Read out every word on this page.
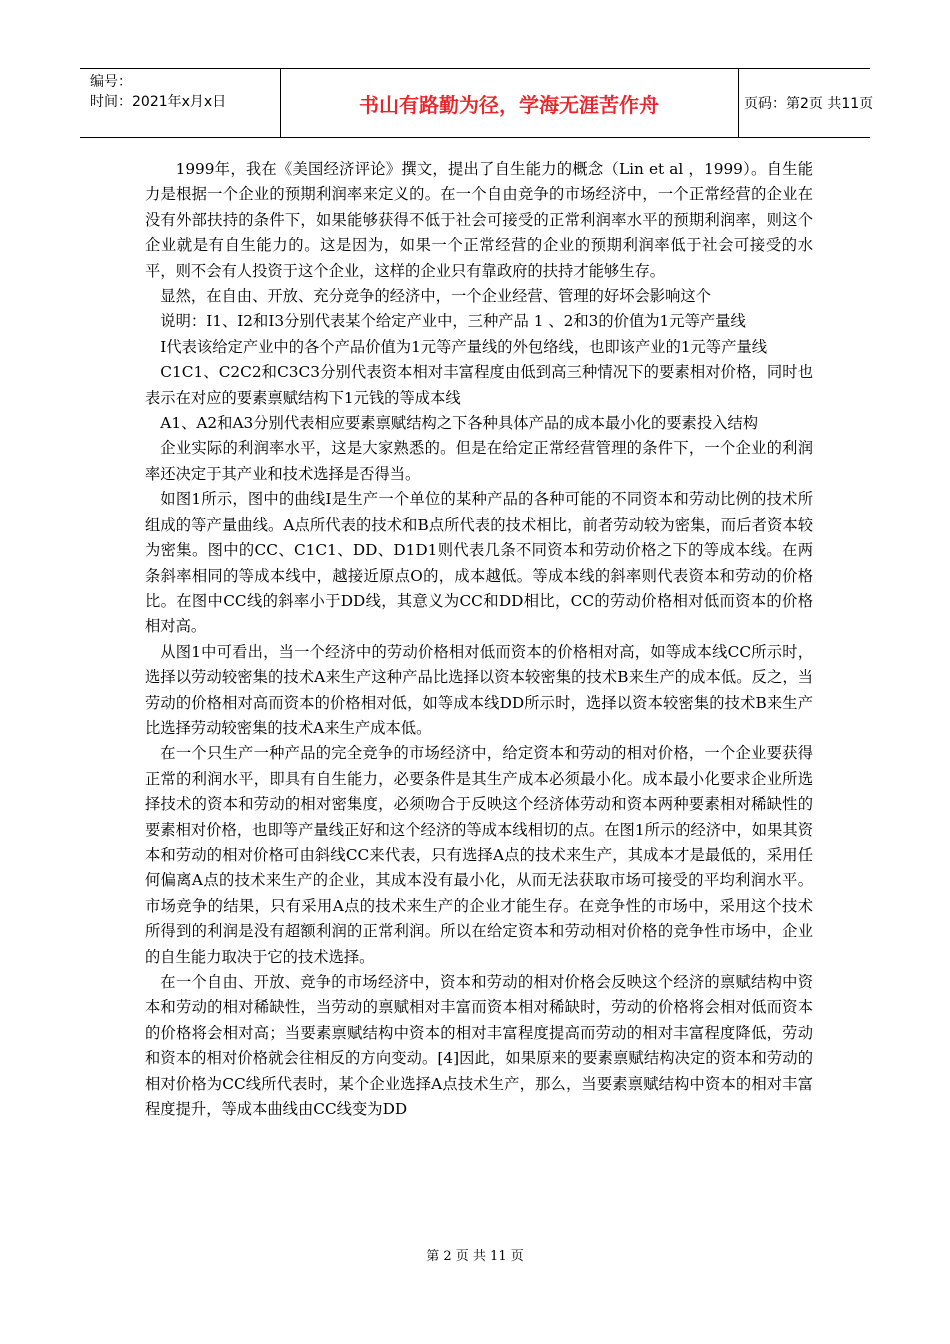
编号：
时间：2021年x月x日	书山有路勤为径，学海无涯苦作舟	页码：第2页 共11页

1999年，我在《美国经济评论》撰文，提出了自生能力的概念（Lin et al ，1999）。自生能力是根据一个企业的预期利润率来定义的。在一个自由竞争的市场经济中，一个正常经营的企业在没有外部扶持的条件下，如果能够获得不低于社会可接受的正常利润率水平的预期利润率，则这个企业就是有自生能力的。这是因为，如果一个正常经营的企业的预期利润率低于社会可接受的水平，则不会有人投资于这个企业，这样的企业只有靠政府的扶持才能够生存。

显然，在自由、开放、充分竞争的经济中，一个企业经营、管理的好坏会影响这个

说明：I1、I2和I3分别代表某个给定产业中，三种产品 1 、2和3的价值为1元等产量线

I代表该给定产业中的各个产品价值为1元等产量线的外包络线，也即该产业的1元等产量线

C1C1、C2C2和C3C3分别代表资本相对丰富程度由低到高三种情况下的要素相对价格，同时也表示在对应的要素禀赋结构下1元钱的等成本线

A1、A2和A3分别代表相应要素禀赋结构之下各种具体产品的成本最小化的要素投入结构

企业实际的利润率水平，这是大家熟悉的。但是在给定正常经营管理的条件下，一个企业的利润率还决定于其产业和技术选择是否得当。

如图1所示，图中的曲线I是生产一个单位的某种产品的各种可能的不同资本和劳动比例的技术所组成的等产量曲线。A点所代表的技术和B点所代表的技术相比，前者劳动较为密集，而后者资本较为密集。图中的CC、C1C1、DD、D1D1则代表几条不同资本和劳动价格之下的等成本线。在两条斜率相同的等成本线中，越接近原点O的，成本越低。等成本线的斜率则代表资本和劳动的价格比。在图中CC线的斜率小于DD线，其意义为CC和DD相比，CC的劳动价格相对低而资本的价格相对高。

从图1中可看出，当一个经济中的劳动价格相对低而资本的价格相对高，如等成本线CC所示时，选择以劳动较密集的技术A来生产这种产品比选择以资本较密集的技术B来生产的成本低。反之，当劳动的价格相对高而资本的价格相对低，如等成本线DD所示时，选择以资本较密集的技术B来生产比选择劳动较密集的技术A来生产成本低。

在一个只生产一种产品的完全竞争的市场经济中，给定资本和劳动的相对价格，一个企业要获得正常的利润水平，即具有自生能力，必要条件是其生产成本必须最小化。成本最小化要求企业所选择技术的资本和劳动的相对密集度，必须吻合于反映这个经济体劳动和资本两种要素相对稀缺性的要素相对价格，也即等产量线正好和这个经济的等成本线相切的点。在图1所示的经济中，如果其资本和劳动的相对价格可由斜线CC来代表，只有选择A点的技术来生产，其成本才是最低的，采用任何偏离A点的技术来生产的企业，其成本没有最小化，从而无法获取市场可接受的平均利润水平。市场竞争的结果，只有采用A点的技术来生产的企业才能生存。在竞争性的市场中，采用这个技术所得到的利润是没有超额利润的正常利润。所以在给定资本和劳动相对价格的竞争性市场中，企业的自生能力取决于它的技术选择。

在一个自由、开放、竞争的市场经济中，资本和劳动的相对价格会反映这个经济的禀赋结构中资本和劳动的相对稀缺性，当劳动的禀赋相对丰富而资本相对稀缺时，劳动的价格将会相对低而资本的价格将会相对高；当要素禀赋结构中资本的相对丰富程度提高而劳动的相对丰富程度降低，劳动和资本的相对价格就会往相反的方向变动。[4]因此，如果原来的要素禀赋结构决定的资本和劳动的相对价格为CC线所代表时，某个企业选择A点技术生产，那么，当要素禀赋结构中资本的相对丰富程度提升，等成本曲线由CC线变为DD

第 2 页 共 11 页
